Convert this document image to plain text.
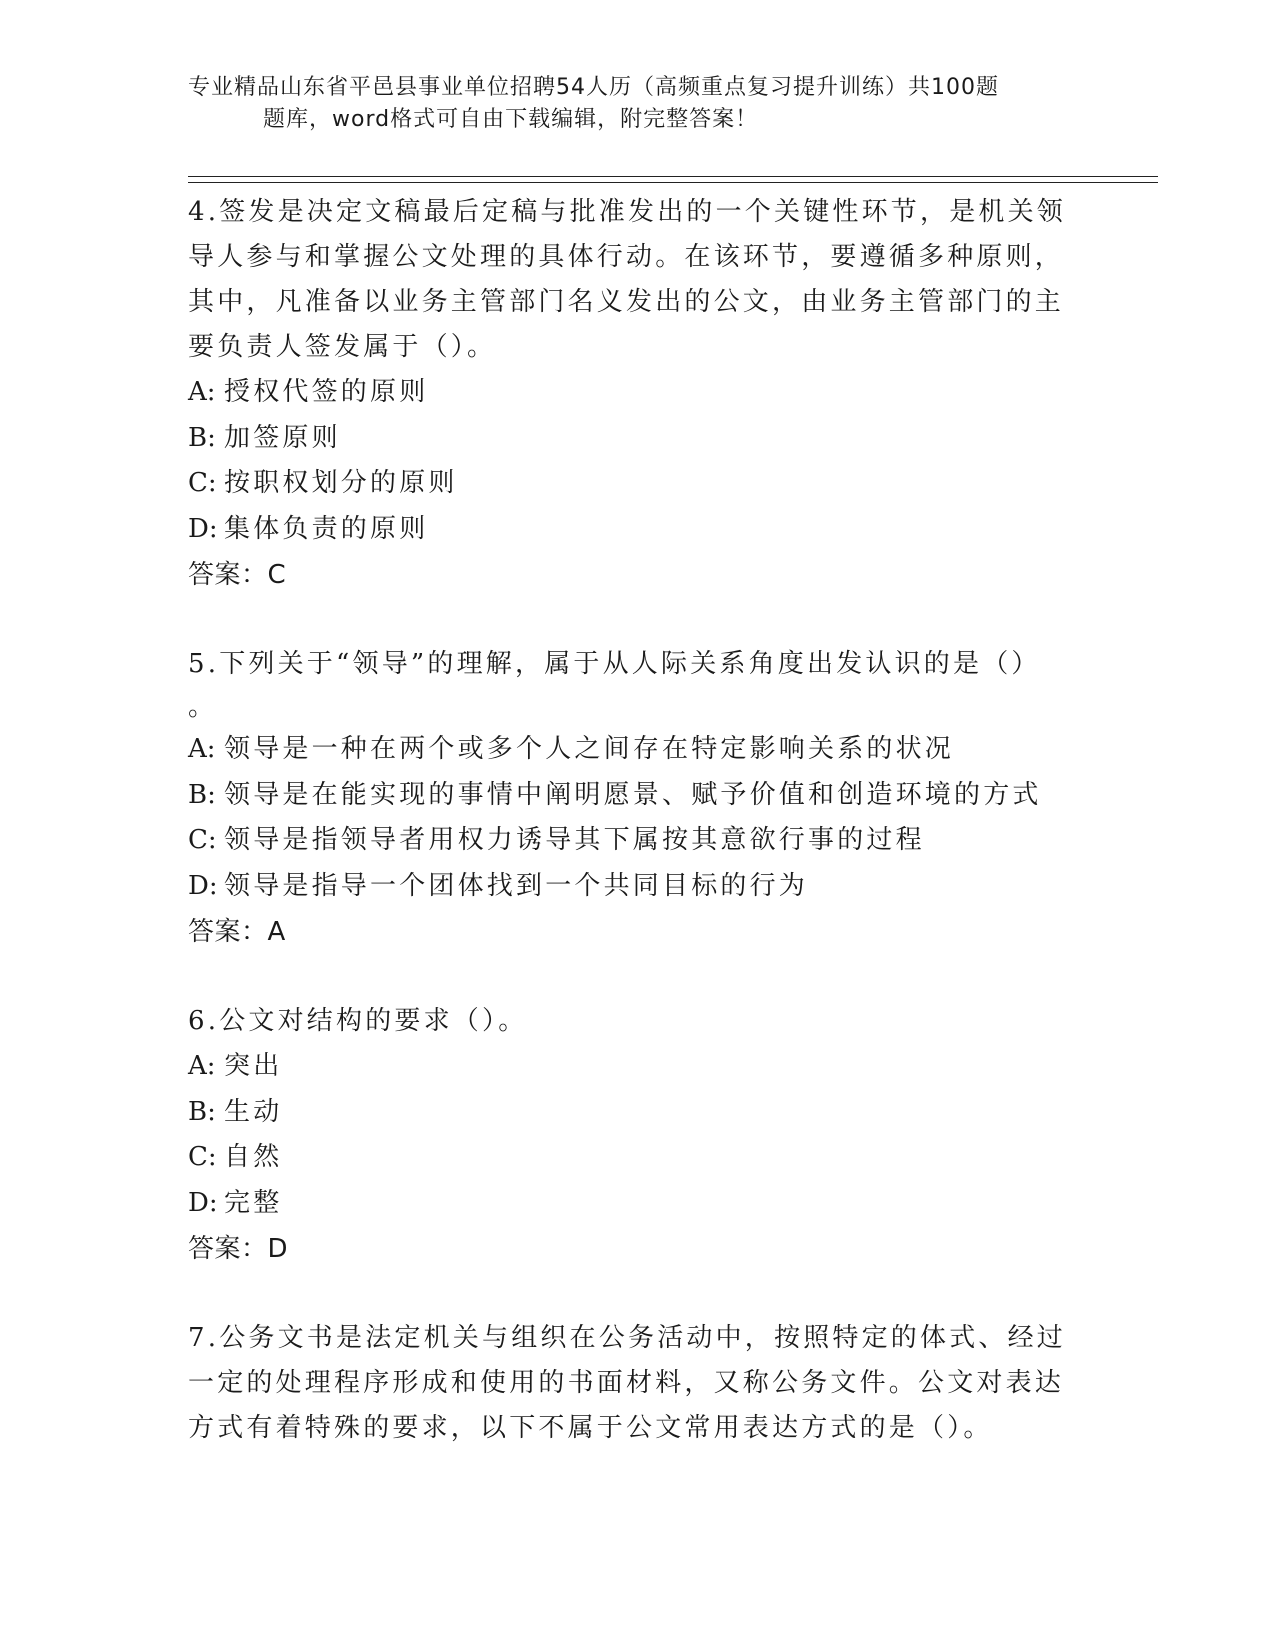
专业精品山东省平邑县事业单位招聘54人历（高频重点复习提升训练）共100题
题库，word格式可自由下载编辑，附完整答案！

4.签发是决定文稿最后定稿与批准发出的一个关键性环节，是机关领
导人参与和掌握公文处理的具体行动。在该环节，要遵循多种原则，
其中，凡准备以业务主管部门名义发出的公文，由业务主管部门的主
要负责人签发属于（）。

A: 授权代签的原则

B: 加签原则

C: 按职权划分的原则

D: 集体负责的原则

答案：C

5.下列关于“领导”的理解，属于从人际关系角度出发认识的是（）

。

A: 领导是一种在两个或多个人之间存在特定影响关系的状况

B: 领导是在能实现的事情中阐明愿景、赋予价值和创造环境的方式

C: 领导是指领导者用权力诱导其下属按其意欲行事的过程

D: 领导是指导一个团体找到一个共同目标的行为

答案：A

6.公文对结构的要求（）。

A: 突出

B: 生动

C: 自然

D: 完整

答案：D

7.公务文书是法定机关与组织在公务活动中，按照特定的体式、经过
一定的处理程序形成和使用的书面材料，又称公务文件。公文对表达
方式有着特殊的要求，以下不属于公文常用表达方式的是（）。
